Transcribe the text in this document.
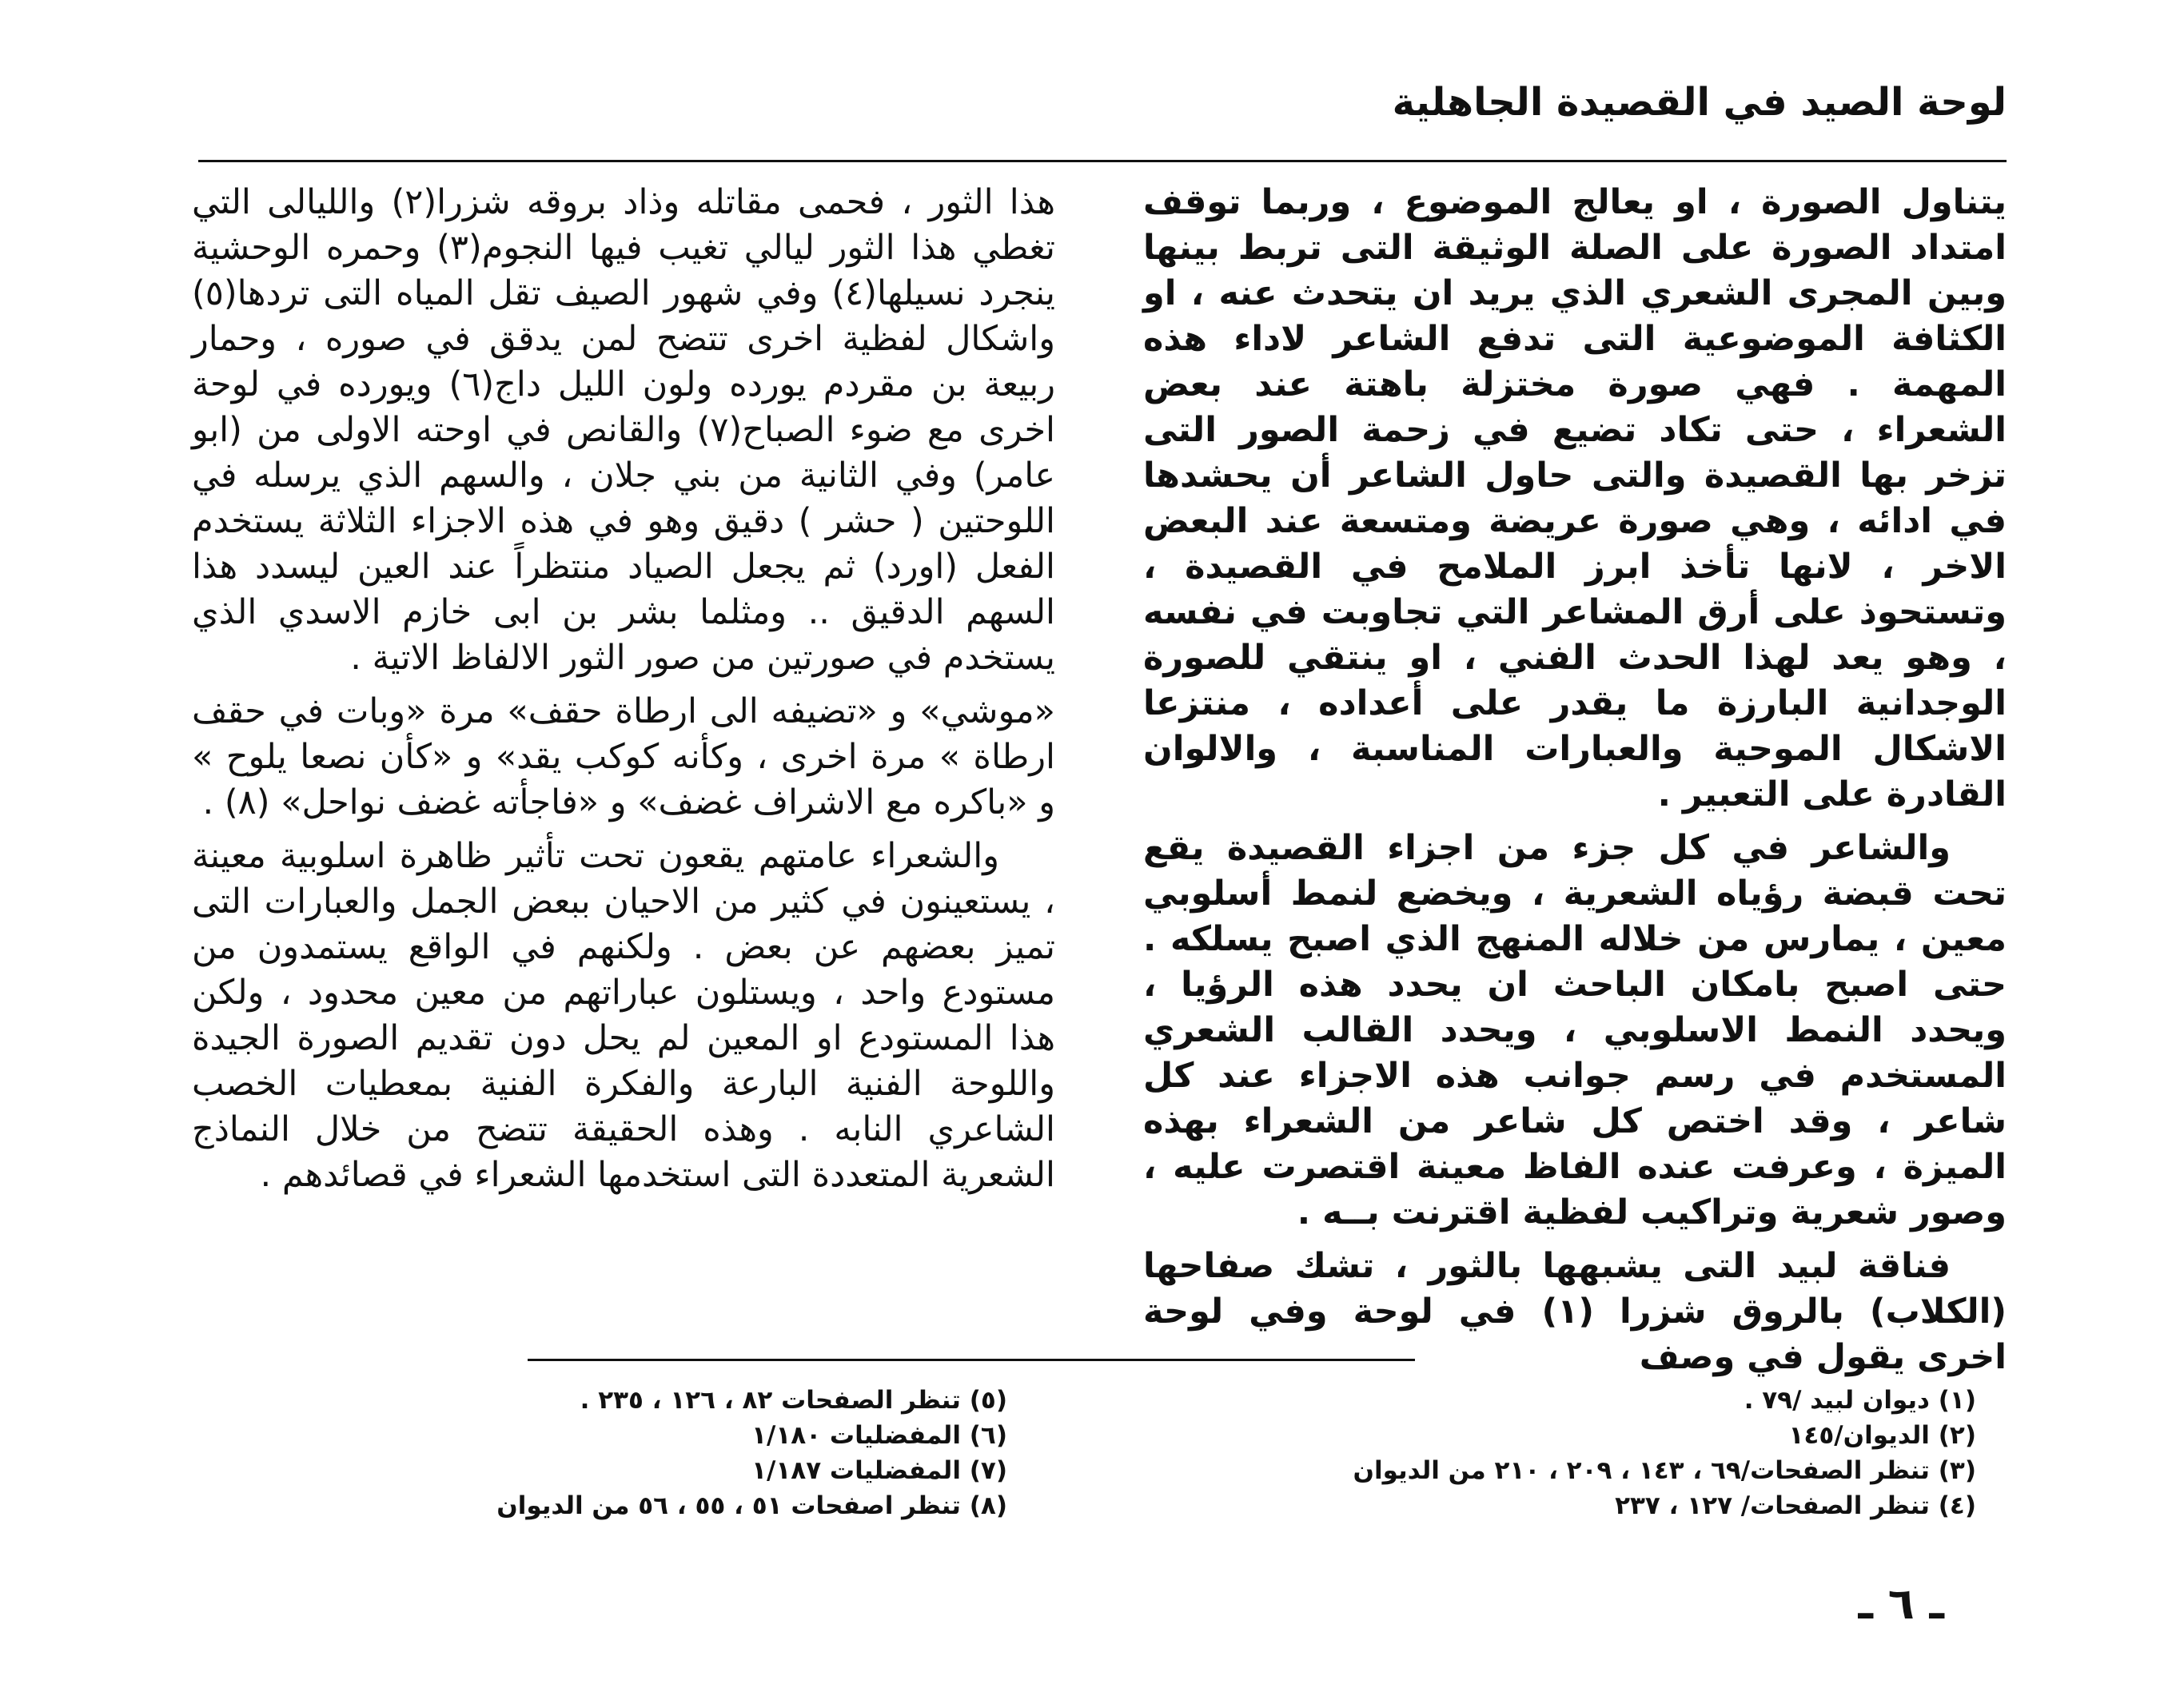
لوحة الصيد في القصيدة الجاهلية

يتناول الصورة ، او يعالج الموضوع ، وربما توقف امتداد الصورة على الصلة الوثيقة التى تربط بينها وبين المجرى الشعري الذي يريد ان يتحدث عنه ، او الكثافة الموضوعية التى تدفع الشاعر لاداء هذه المهمة . فهي صورة مختزلة باهتة عند بعض الشعراء ، حتى تكاد تضيع في زحمة الصور التى تزخر بها القصيدة والتى حاول الشاعر أن يحشدها في ادائه ، وهي صورة عريضة ومتسعة عند البعض الاخر ، لانها تأخذ ابرز الملامح في القصيدة ، وتستحوذ على أرق المشاعر التي تجاوبت في نفسه ، وهو يعد لهذا الحدث الفني ، او ينتقي للصورة الوجدانية البارزة ما يقدر على أعداده ، منتزعا الاشكال الموحية والعبارات المناسبة ، والالوان القادرة على التعبير .

والشاعر في كل جزء من اجزاء القصيدة يقع تحت قبضة رؤياه الشعرية ، ويخضع لنمط أسلوبي معين ، يمارس من خلاله المنهج الذي اصبح يسلكه . حتى اصبح بامكان الباحث ان يحدد هذه الرؤيا ، ويحدد النمط الاسلوبي ، ويحدد القالب الشعري المستخدم في رسم جوانب هذه الاجزاء عند كل شاعر ، وقد اختص كل شاعر من الشعراء بهذه الميزة ، وعرفت عنده الفاظ معينة اقتصرت عليه ، وصور شعرية وتراكيب لفظية اقترنت بــه .

فناقة لبيد التى يشبهها بالثور ، تشك صفاحها (الكلاب) بالروق شزرا (١) في لوحة وفي لوحة اخرى يقول في وصف

هذا الثور ، فحمى مقاتله وذاد بروقه شزرا(٢) والليالى التي تغطي هذا الثور ليالي تغيب فيها النجوم(٣) وحمره الوحشية ينجرد نسيلها(٤) وفي شهور الصيف تقل المياه التى تردها(٥) واشكال لفظية اخرى تتضح لمن يدقق في صوره ، وحمار ربيعة بن مقردم يورده ولون الليل داج(٦) ويورده في لوحة اخرى مع ضوء الصباح(٧) والقانص في اوحته الاولى من (ابو عامر) وفي الثانية من بني جلان ، والسهم الذي يرسله في اللوحتين ( حشر ) دقيق وهو في هذه الاجزاء الثلاثة يستخدم الفعل (اورد) ثم يجعل الصياد منتظراً عند العين ليسدد هذا السهم الدقيق .. ومثلما بشر بن ابى خازم الاسدي الذي يستخدم في صورتين من صور الثور الالفاظ الاتية .

«موشي» و «تضيفه الى ارطاة حقف» مرة «وبات في حقف ارطاة » مرة اخرى ، وكأنه كوكب يقد» و «كأن نصعا يلوح » و «باكره مع الاشراف غضف» و «فاجأته غضف نواحل» (٨) .

والشعراء عامتهم يقعون تحت تأثير ظاهرة اسلوبية معينة ، يستعينون في كثير من الاحيان ببعض الجمل والعبارات التى تميز بعضهم عن بعض . ولكنهم في الواقع يستمدون من مستودع واحد ، ويستلون عباراتهم من معين محدود ، ولكن هذا المستودع او المعين لم يحل دون تقديم الصورة الجيدة واللوحة الفنية البارعة والفكرة الفنية بمعطيات الخصب الشاعري النابه . وهذه الحقيقة تتضح من خلال النماذج الشعرية المتعددة التى استخدمها الشعراء في قصائدهم .

(١) ديوان لبيد /٧٩ .
(٢) الديوان/١٤٥
(٣) تنظر الصفحات/٦٩ ، ١٤٣ ، ٢٠٩ ، ٢١٠ من الديوان
(٤) تنظر الصفحات/ ١٢٧ ، ٢٣٧
(٥) تنظر الصفحات ٨٢ ، ١٢٦ ، ٢٣٥ .
(٦) المفضليات ١/١٨٠
(٧) المفضليات ١/١٨٧
(٨) تنظر اصفحات ٥١ ، ٥٥ ، ٥٦ من الديوان
ـ ٦ ـ
